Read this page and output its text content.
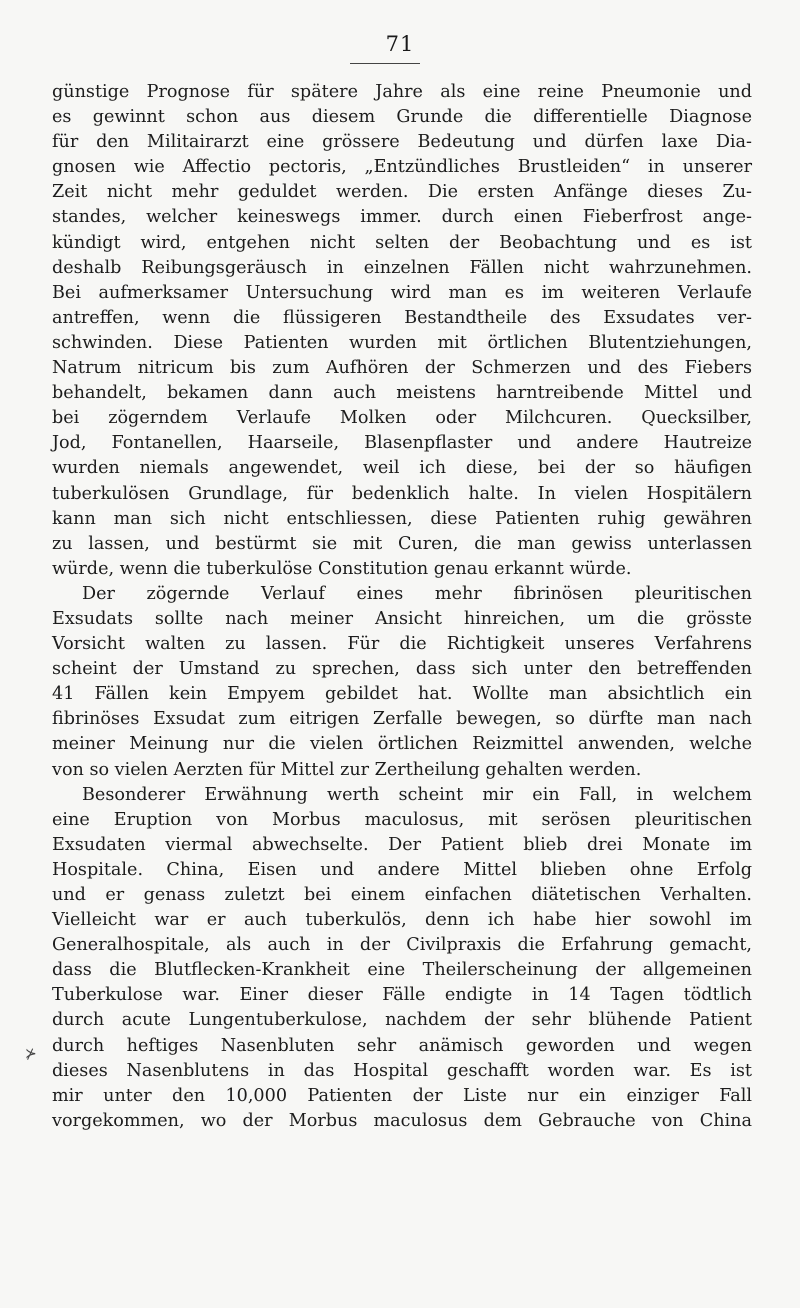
71
⊁
günstige Prognose für spätere Jahre als eine reine Pneumonie und
es gewinnt schon aus diesem Grunde die differentielle Diagnose
für den Militairarzt eine grössere Bedeutung und dürfen laxe Dia-
gnosen wie Affectio pectoris, „Entzündliches Brustleiden“ in unserer
Zeit nicht mehr geduldet werden. Die ersten Anfänge dieses Zu-
standes, welcher keineswegs immer. durch einen Fieberfrost ange-
kündigt wird, entgehen nicht selten der Beobachtung und es ist
deshalb Reibungsgeräusch in einzelnen Fällen nicht wahrzunehmen.
Bei aufmerksamer Untersuchung wird man es im weiteren Verlaufe
antreffen, wenn die flüssigeren Bestandtheile des Exsudates ver-
schwinden. Diese Patienten wurden mit örtlichen Blutentziehungen,
Natrum nitricum bis zum Aufhören der Schmerzen und des Fiebers
behandelt, bekamen dann auch meistens harntreibende Mittel und
bei zögerndem Verlaufe Molken oder Milchcuren. Quecksilber,
Jod, Fontanellen, Haarseile, Blasenpflaster und andere Hautreize
wurden niemals angewendet, weil ich diese, bei der so häufigen
tuberkulösen Grundlage, für bedenklich halte. In vielen Hospitälern
kann man sich nicht entschliessen, diese Patienten ruhig gewähren
zu lassen, und bestürmt sie mit Curen, die man gewiss unterlassen
würde, wenn die tuberkulöse Constitution genau erkannt würde.
Der zögernde Verlauf eines mehr fibrinösen pleuritischen
Exsudats sollte nach meiner Ansicht hinreichen, um die grösste
Vorsicht walten zu lassen. Für die Richtigkeit unseres Verfahrens
scheint der Umstand zu sprechen, dass sich unter den betreffenden
41 Fällen kein Empyem gebildet hat. Wollte man absichtlich ein
fibrinöses Exsudat zum eitrigen Zerfalle bewegen, so dürfte man nach
meiner Meinung nur die vielen örtlichen Reizmittel anwenden, welche
von so vielen Aerzten für Mittel zur Zertheilung gehalten werden.
Besonderer Erwähnung werth scheint mir ein Fall, in welchem
eine Eruption von Morbus maculosus, mit serösen pleuritischen
Exsudaten viermal abwechselte. Der Patient blieb drei Monate im
Hospitale. China, Eisen und andere Mittel blieben ohne Erfolg
und er genass zuletzt bei einem einfachen diätetischen Verhalten.
Vielleicht war er auch tuberkulös, denn ich habe hier sowohl im
Generalhospitale, als auch in der Civilpraxis die Erfahrung gemacht,
dass die Blutflecken-Krankheit eine Theilerscheinung der allgemeinen
Tuberkulose war. Einer dieser Fälle endigte in 14 Tagen tödtlich
durch acute Lungentuberkulose, nachdem der sehr blühende Patient
durch heftiges Nasenbluten sehr anämisch geworden und wegen
dieses Nasenblutens in das Hospital geschafft worden war. Es ist
mir unter den 10,000 Patienten der Liste nur ein einziger Fall
vorgekommen, wo der Morbus maculosus dem Gebrauche von China
